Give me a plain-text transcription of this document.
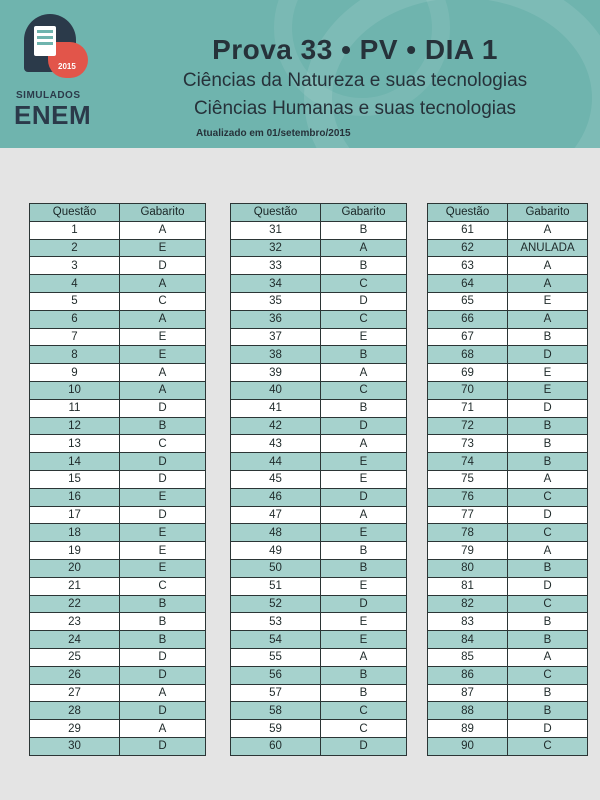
2015
SIMULADOS
ENEM
Prova 33 • PV • DIA 1
Ciências da Natureza e suas tecnologias
Ciências Humanas e suas tecnologias
Atualizado em 01/setembro/2015
Questão	Gabarito
1	A
2	E
3	D
4	A
5	C
6	A
7	E
8	E
9	A
10	A
11	D
12	B
13	C
14	D
15	D
16	E
17	D
18	E
19	E
20	E
21	C
22	B
23	B
24	B
25	D
26	D
27	A
28	D
29	A
30	D
Questão	Gabarito
31	B
32	A
33	B
34	C
35	D
36	C
37	E
38	B
39	A
40	C
41	B
42	D
43	A
44	E
45	E
46	D
47	A
48	E
49	B
50	B
51	E
52	D
53	E
54	E
55	A
56	B
57	B
58	C
59	C
60	D
Questão	Gabarito
61	A
62	ANULADA
63	A
64	A
65	E
66	A
67	B
68	D
69	E
70	E
71	D
72	B
73	B
74	B
75	A
76	C
77	D
78	C
79	A
80	B
81	D
82	C
83	B
84	B
85	A
86	C
87	B
88	B
89	D
90	C
